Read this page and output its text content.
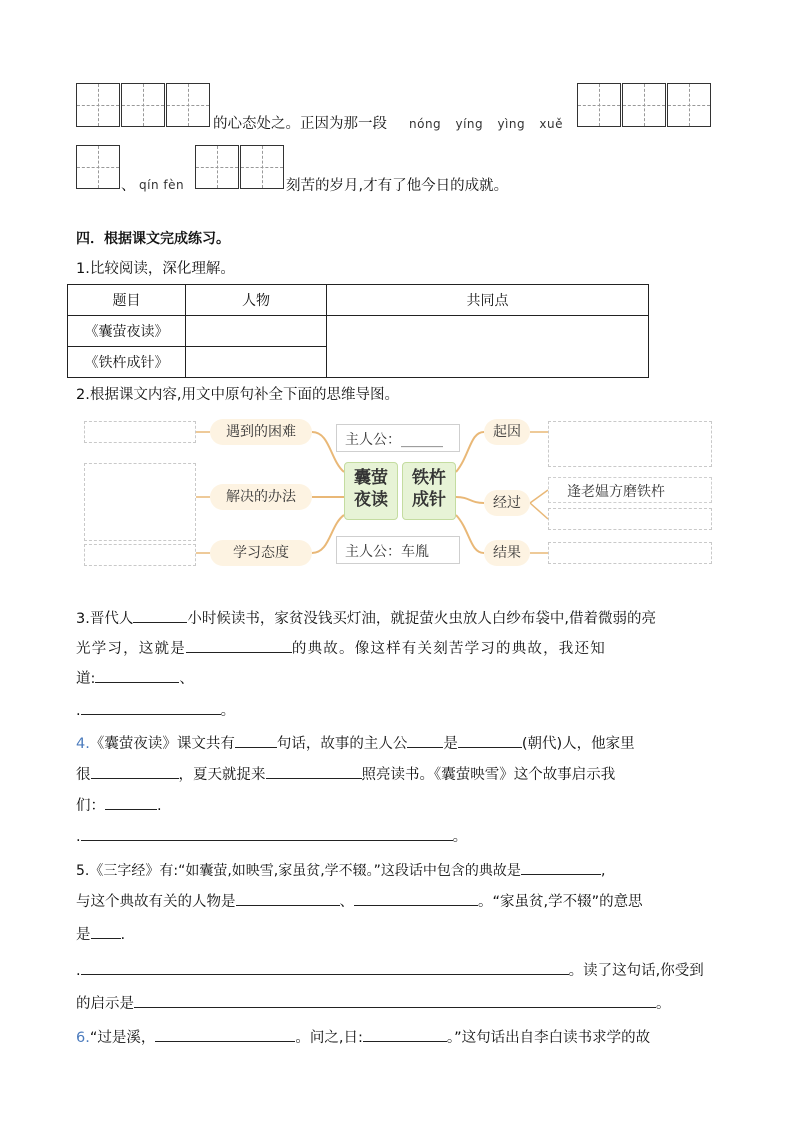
的心态处之。正因为那一段 nóng yíng yìng xuě
、 qín fèn	刻苦的岁月,才有了他今日的成就。
四．根据课文完成练习。
1.比较阅读，深化理解。
题目	人物	共同点
《囊萤夜读》		
《铁杵成针》		
2.根据课文内容,用文中原句补全下面的思维导图。
遇到的困难
解决的办法
学习态度
主人公：______
囊萤
夜读
铁杵
成针
主人公：车胤
起因
经过
结果
逢老媪方磨铁杵
3.晋代人	小时候读书，家贫没钱买灯油，就捉萤火虫放人白纱布袋中,借着微弱的亮
光学习，这就是	的典故。像这样有关刻苦学习的典故，我还知
道:	、
.	。
4.《囊萤夜读》课文共有	句话，故事的主人公 是	(朝代)人，他家里
很	，夏天就捉来	照亮读书。《囊萤映雪》这个故事启示我
们：	.
.	。
5.《三字经》有:“如囊萤,如映雪,家虽贫,学不辍。”这段话中包含的典故是	,
与这个典故有关的人物是	、	。“家虽贫,学不辍”的意思
是 .
.	。读了这句话,你受到
的启示是	。
6.“过是溪，	。问之,日:	。”这句话出自李白读书求学的故
